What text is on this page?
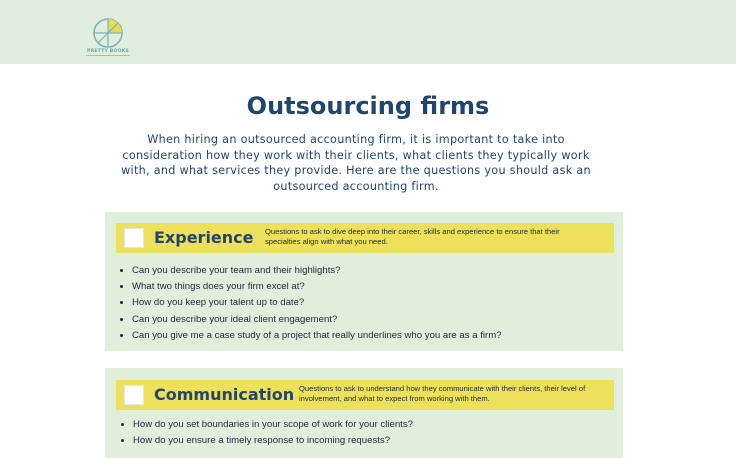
PRETTY BOOKS
Outsourcing firms

When hiring an outsourced accounting firm, it is important to take into consideration how they work with their clients, what clients they typically work with, and what services they provide. Here are the questions you should ask an outsourced accounting firm.

Experience Questions to ask to dive deep into their career, skills and experience to ensure that their specialties align with what you need.
• Can you describe your team and their highlights?
• What two things does your firm excel at?
• How do you keep your talent up to date?
• Can you describe your ideal client engagement?
• Can you give me a case study of a project that really underlines who you are as a firm?
Communication Questions to ask to understand how they communicate with their clients, their level of involvement, and what to expect from working with them.
• How do you set boundaries in your scope of work for your clients?
• How do you ensure a timely response to incoming requests?
